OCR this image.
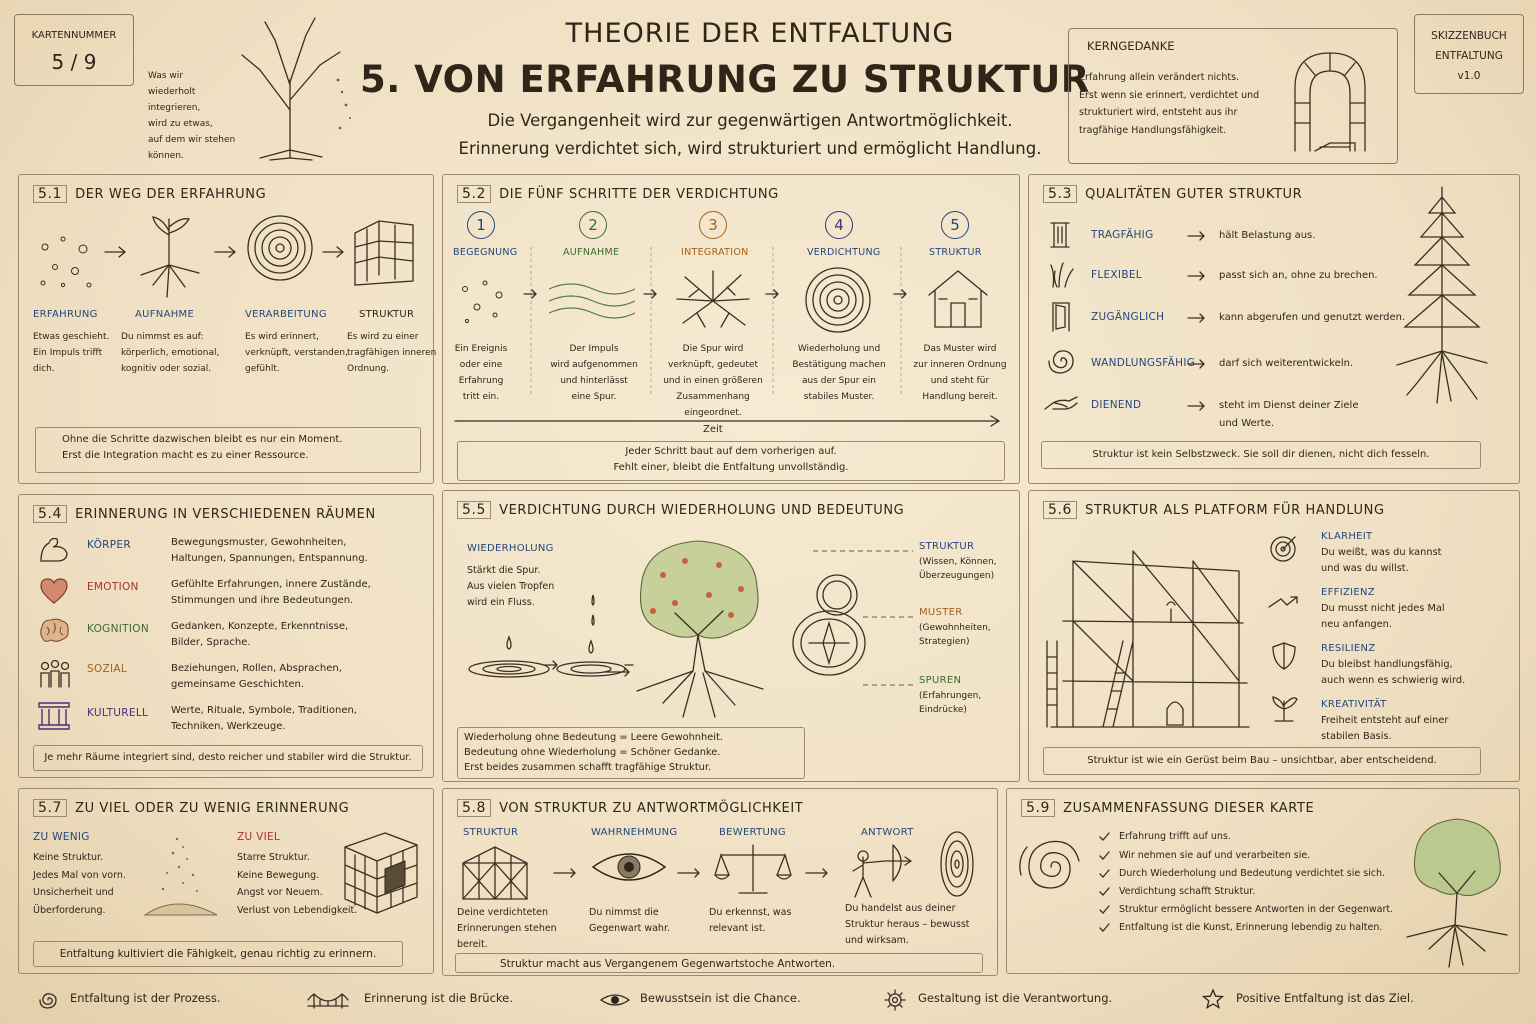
KARTENNUMMER
5 / 9
Was wir
wiederholt
integrieren,
wird zu etwas,
auf dem wir stehen
können.
THEORIE DER ENTFALTUNG
5. VON ERFAHRUNG ZU STRUKTUR
Die Vergangenheit wird zur gegenwärtigen Antwortmöglichkeit.
Erinnerung verdichtet sich, wird strukturiert und ermöglicht Handlung.
KERNGEDANKE
Erfahrung allein verändert nichts.
Erst wenn sie erinnert, verdichtet und
strukturiert wird, entsteht aus ihr
tragfähige Handlungsfähigkeit.
SKIZZENBUCH
ENTFALTUNG
v1.0
5.1 DER WEG DER ERFAHRUNG
ERFAHRUNG
Etwas geschieht.
Ein Impuls trifft
dich.
AUFNAHME
Du nimmst es auf:
körperlich, emotional,
kognitiv oder sozial.
VERARBEITUNG
Es wird erinnert,
verknüpft, verstanden,
gefühlt.
STRUKTUR
Es wird zu einer
tragfähigen inneren
Ordnung.
Ohne die Schritte dazwischen bleibt es nur ein Moment.
Erst die Integration macht es zu einer Ressource.
5.2 DIE FÜNF SCHRITTE DER VERDICHTUNG
1
BEGEGNUNG
Ein Ereignis
oder eine
Erfahrung
tritt ein.
2
AUFNAHME
Der Impuls
wird aufgenommen
und hinterlässt
eine Spur.
3
INTEGRATION
Die Spur wird
verknüpft, gedeutet
und in einen größeren
Zusammenhang
eingeordnet.
4
VERDICHTUNG
Wiederholung und
Bestätigung machen
aus der Spur ein
stabiles Muster.
5
STRUKTUR
Das Muster wird
zur inneren Ordnung
und steht für
Handlung bereit.
Zeit
Jeder Schritt baut auf dem vorherigen auf.
Fehlt einer, bleibt die Entfaltung unvollständig.
5.3 QUALITÄTEN GUTER STRUKTUR
TRAGFÄHIG	hält Belastung aus.
FLEXIBEL	passt sich an, ohne zu brechen.
ZUGÄNGLICH	kann abgerufen und genutzt werden.
WANDLUNGSFÄHIG darf sich weiterentwickeln.
DIENEND	steht im Dienst deiner Ziele
und Werte.
Struktur ist kein Selbstzweck. Sie soll dir dienen, nicht dich fesseln.
5.4 ERINNERUNG IN VERSCHIEDENEN RÄUMEN
KÖRPER	Bewegungsmuster, Gewohnheiten,
Haltungen, Spannungen, Entspannung.
EMOTION	Gefühlte Erfahrungen, innere Zustände,
Stimmungen und ihre Bedeutungen.
KOGNITION Gedanken, Konzepte, Erkenntnisse,
Bilder, Sprache.
SOZIAL	Beziehungen, Rollen, Absprachen,
gemeinsame Geschichten.
KULTURELL Werte, Rituale, Symbole, Traditionen,
Techniken, Werkzeuge.
Je mehr Räume integriert sind, desto reicher und stabiler wird die Struktur.
5.5 VERDICHTUNG DURCH WIEDERHOLUNG UND BEDEUTUNG
WIEDERHOLUNG
Stärkt die Spur.
Aus vielen Tropfen
wird ein Fluss.
STRUKTUR
(Wissen, Können,
Überzeugungen)
MUSTER
(Gewohnheiten,
Strategien)
SPUREN
(Erfahrungen,
Eindrücke)
Wiederholung ohne Bedeutung = Leere Gewohnheit.
Bedeutung ohne Wiederholung = Schöner Gedanke.
Erst beides zusammen schafft tragfähige Struktur.
5.6 STRUKTUR ALS PLATFORM FÜR HANDLUNG
KLARHEIT
Du weißt, was du kannst
und was du willst.
EFFIZIENZ
Du musst nicht jedes Mal
neu anfangen.
RESILIENZ
Du bleibst handlungsfähig,
auch wenn es schwierig wird.
KREATIVITÄT
Freiheit entsteht auf einer
stabilen Basis.
Struktur ist wie ein Gerüst beim Bau – unsichtbar, aber entscheidend.
5.7 ZU VIEL ODER ZU WENIG ERINNERUNG
ZU WENIG
Keine Struktur.
Jedes Mal von vorn.
Unsicherheit und
Überforderung.
ZU VIEL
Starre Struktur.
Keine Bewegung.
Angst vor Neuem.
Verlust von Lebendigkeit.
Entfaltung kultiviert die Fähigkeit, genau richtig zu erinnern.
5.8 VON STRUKTUR ZU ANTWORTMÖGLICHKEIT
STRUKTUR
Deine verdichteten
Erinnerungen stehen
bereit.
WAHRNEHMUNG
Du nimmst die
Gegenwart wahr.
BEWERTUNG
Du erkennst, was
relevant ist.
ANTWORT
Du handelst aus deiner
Struktur heraus – bewusst
und wirksam.
Struktur macht aus Vergangenem Gegenwartstoche Antworten.
5.9 ZUSAMMENFASSUNG DIESER KARTE
Erfahrung trifft auf uns.
Wir nehmen sie auf und verarbeiten sie.
Durch Wiederholung und Bedeutung verdichtet sie sich.
Verdichtung schafft Struktur.
Struktur ermöglicht bessere Antworten in der Gegenwart.
Entfaltung ist die Kunst, Erinnerung lebendig zu halten.
Entfaltung ist der Prozess.	Erinnerung ist die Brücke.	Bewusstsein ist die Chance.	Gestaltung ist die Verantwortung.	Positive Entfaltung ist das Ziel.
